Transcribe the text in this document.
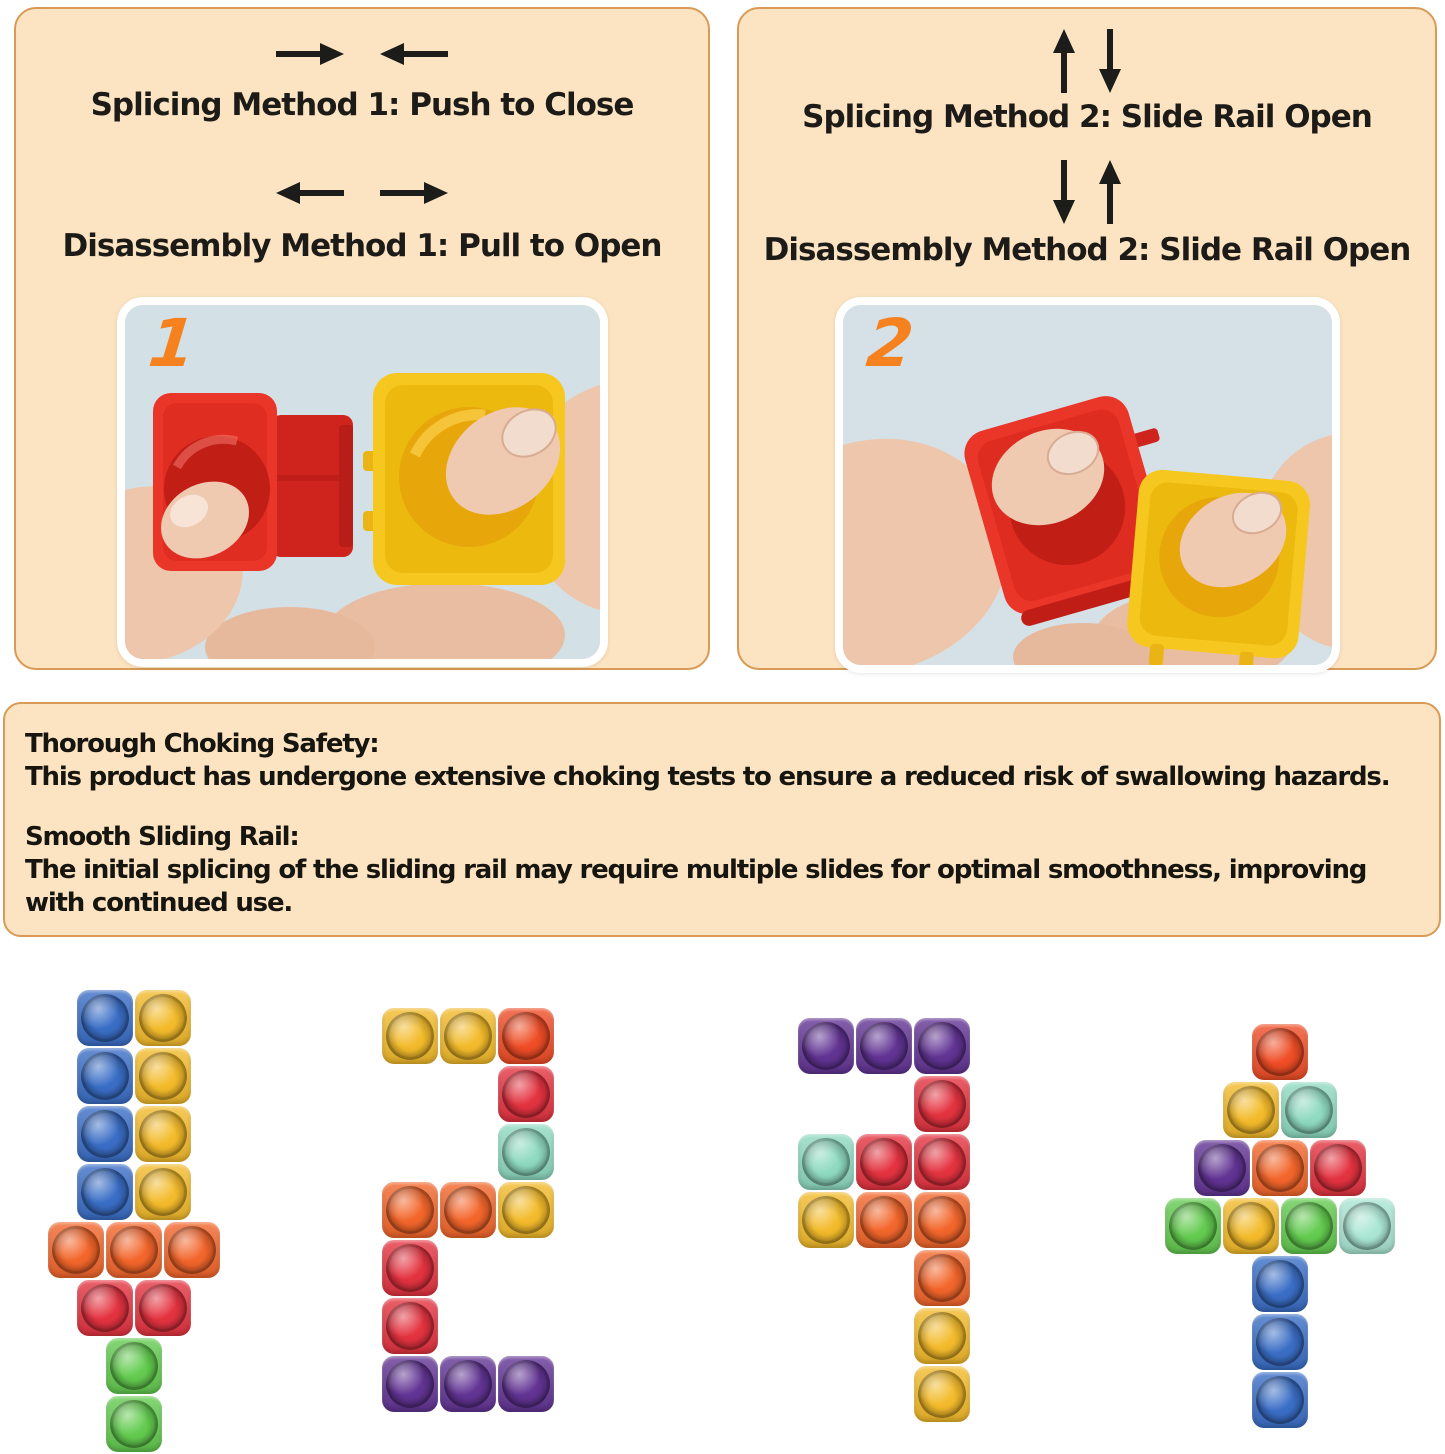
Splicing Method 1: Push to Close
Disassembly Method 1: Pull to Open
1
Splicing Method 2: Slide Rail Open
Disassembly Method 2: Slide Rail Open
2

Thorough Choking Safety:

This product has undergone extensive choking tests to ensure a reduced risk of swallowing hazards.

Smooth Sliding Rail:

The initial splicing of the sliding rail may require multiple slides for optimal smoothness, improving with continued use.
